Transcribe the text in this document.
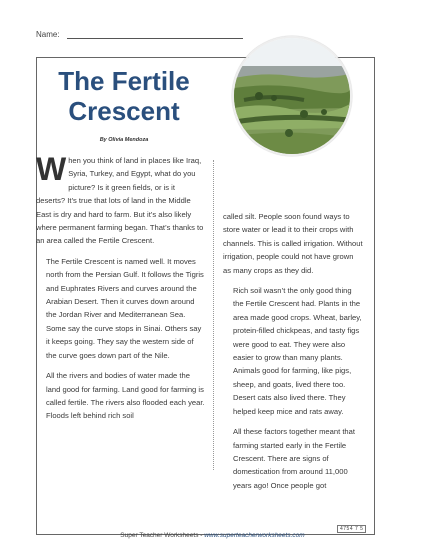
Name:
The Fertile
Crescent
By Olivia Mendoza

When you think of land in places like Iraq, Syria, Turkey, and Egypt, what do you picture? Is it green fields, or is it deserts? It’s true that lots of land in the Middle East is dry and hard to farm. But it’s also likely where permanent farming began. That’s thanks to an area called the Fertile Crescent.

The Fertile Crescent is named well. It moves north from the Persian Gulf. It follows the Tigris and Euphrates Rivers and curves around the Arabian Desert. Then it curves down around the Jordan River and Mediterranean Sea. Some say the curve stops in Sinai. Others say it keeps going. They say the western side of the curve goes down part of the Nile.

All the rivers and bodies of water made the land good for farming. Land good for farming is called fertile. The rivers also flooded each year. Floods left behind rich soil

called silt. People soon found ways to store water or lead it to their crops with channels. This is called irrigation. Without irrigation, people could not have grown as many crops as they did.

Rich soil wasn’t the only good thing the Fertile Crescent had. Plants in the area made good crops. Wheat, barley, protein-filled chickpeas, and tasty figs were good to eat. They were also easier to grow than many plants. Animals good for farming, like pigs, sheep, and goats, lived there too. Desert cats also lived there. They helped keep mice and rats away.

All these factors together meant that farming started early in the Fertile Crescent. There are signs of domestication from around 11,000 years ago! Once people got

4754 7 5
Super Teacher Worksheets - www.superteacherworksheets.com
